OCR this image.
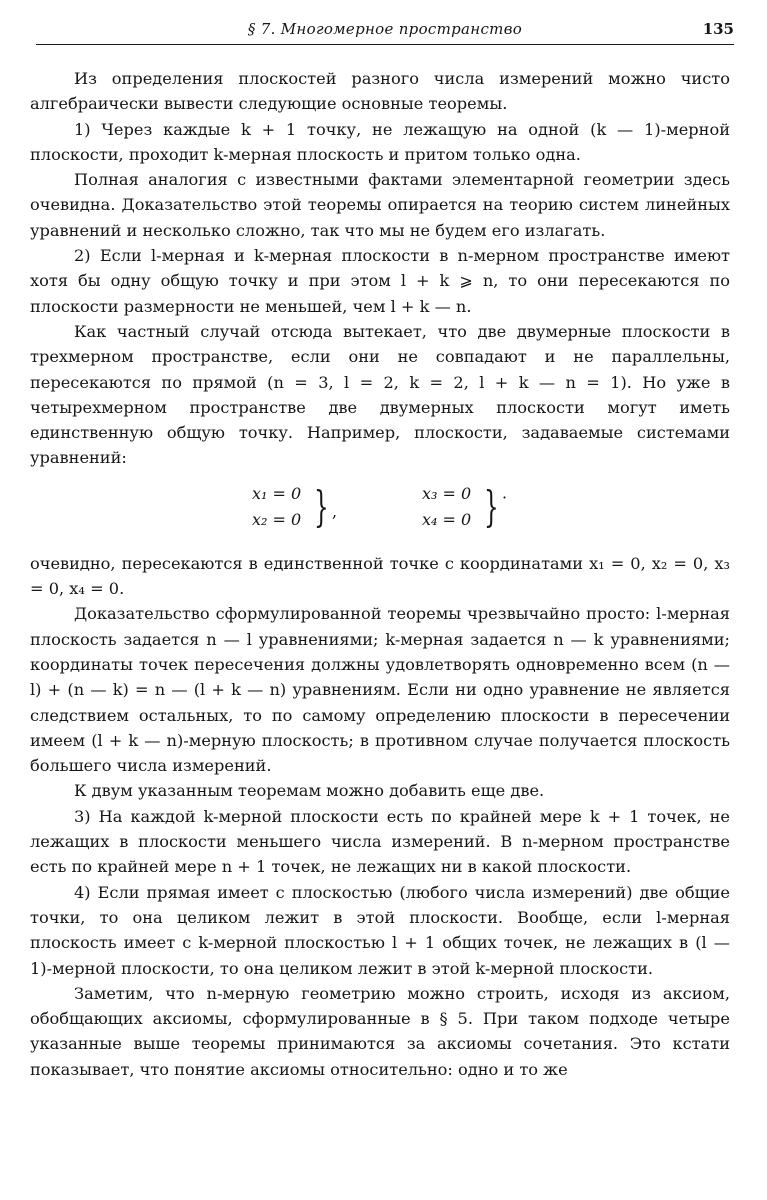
§ 7. Многомерное пространство	135

Из определения плоскостей разного числа измерений можно чисто алгебраически вывести следующие основные теоремы.

1) Через каждые k + 1 точку, не лежащую на одной (k — 1)-мерной плоскости, проходит k-мерная плоскость и притом только одна.

Полная аналогия с известными фактами элементарной геометрии здесь очевидна. Доказательство этой теоремы опирается на теорию систем линейных уравнений и несколько сложно, так что мы не будем его излагать.

2) Если l-мерная и k-мерная плоскости в n-мерном пространстве имеют хотя бы одну общую точку и при этом l + k ⩾ n, то они пересекаются по плоскости размерности не меньшей, чем l + k — n.

Как частный случай отсюда вытекает, что две двумерные плоскости в трехмерном пространстве, если они не совпадают и не параллельны, пересекаются по прямой (n = 3, l = 2, k = 2, l + k — n = 1). Но уже в четырехмерном пространстве две двумерных плоскости могут иметь единственную общую точку. Например, плоскости, задаваемые системами уравнений:

x₁ = 0
x₂ = 0 } ,
x₃ = 0
x₄ = 0 } ·

очевидно, пересекаются в единственной точке с координатами x₁ = 0, x₂ = 0, x₃ = 0, x₄ = 0.

Доказательство сформулированной теоремы чрезвычайно просто: l-мерная плоскость задается n — l уравнениями; k-мерная задается n — k уравнениями; координаты точек пересечения должны удовлетворять одновременно всем (n — l) + (n — k) = n — (l + k — n) уравнениям. Если ни одно уравнение не является следствием остальных, то по самому определению плоскости в пересечении имеем (l + k — n)-мерную плоскость; в противном случае получается плоскость большего числа измерений.

К двум указанным теоремам можно добавить еще две.

3) На каждой k-мерной плоскости есть по крайней мере k + 1 точек, не лежащих в плоскости меньшего числа измерений. В n-мерном пространстве есть по крайней мере n + 1 точек, не лежащих ни в какой плоскости.

4) Если прямая имеет с плоскостью (любого числа измерений) две общие точки, то она целиком лежит в этой плоскости. Вообще, если l-мерная плоскость имеет с k-мерной плоскостью l + 1 общих точек, не лежащих в (l — 1)-мерной плоскости, то она целиком лежит в этой k-мерной плоскости.

Заметим, что n-мерную геометрию можно строить, исходя из аксиом, обобщающих аксиомы, сформулированные в § 5. При таком подходе четыре указанные выше теоремы принимаются за аксиомы сочетания. Это кстати показывает, что понятие аксиомы относительно: одно и то же
